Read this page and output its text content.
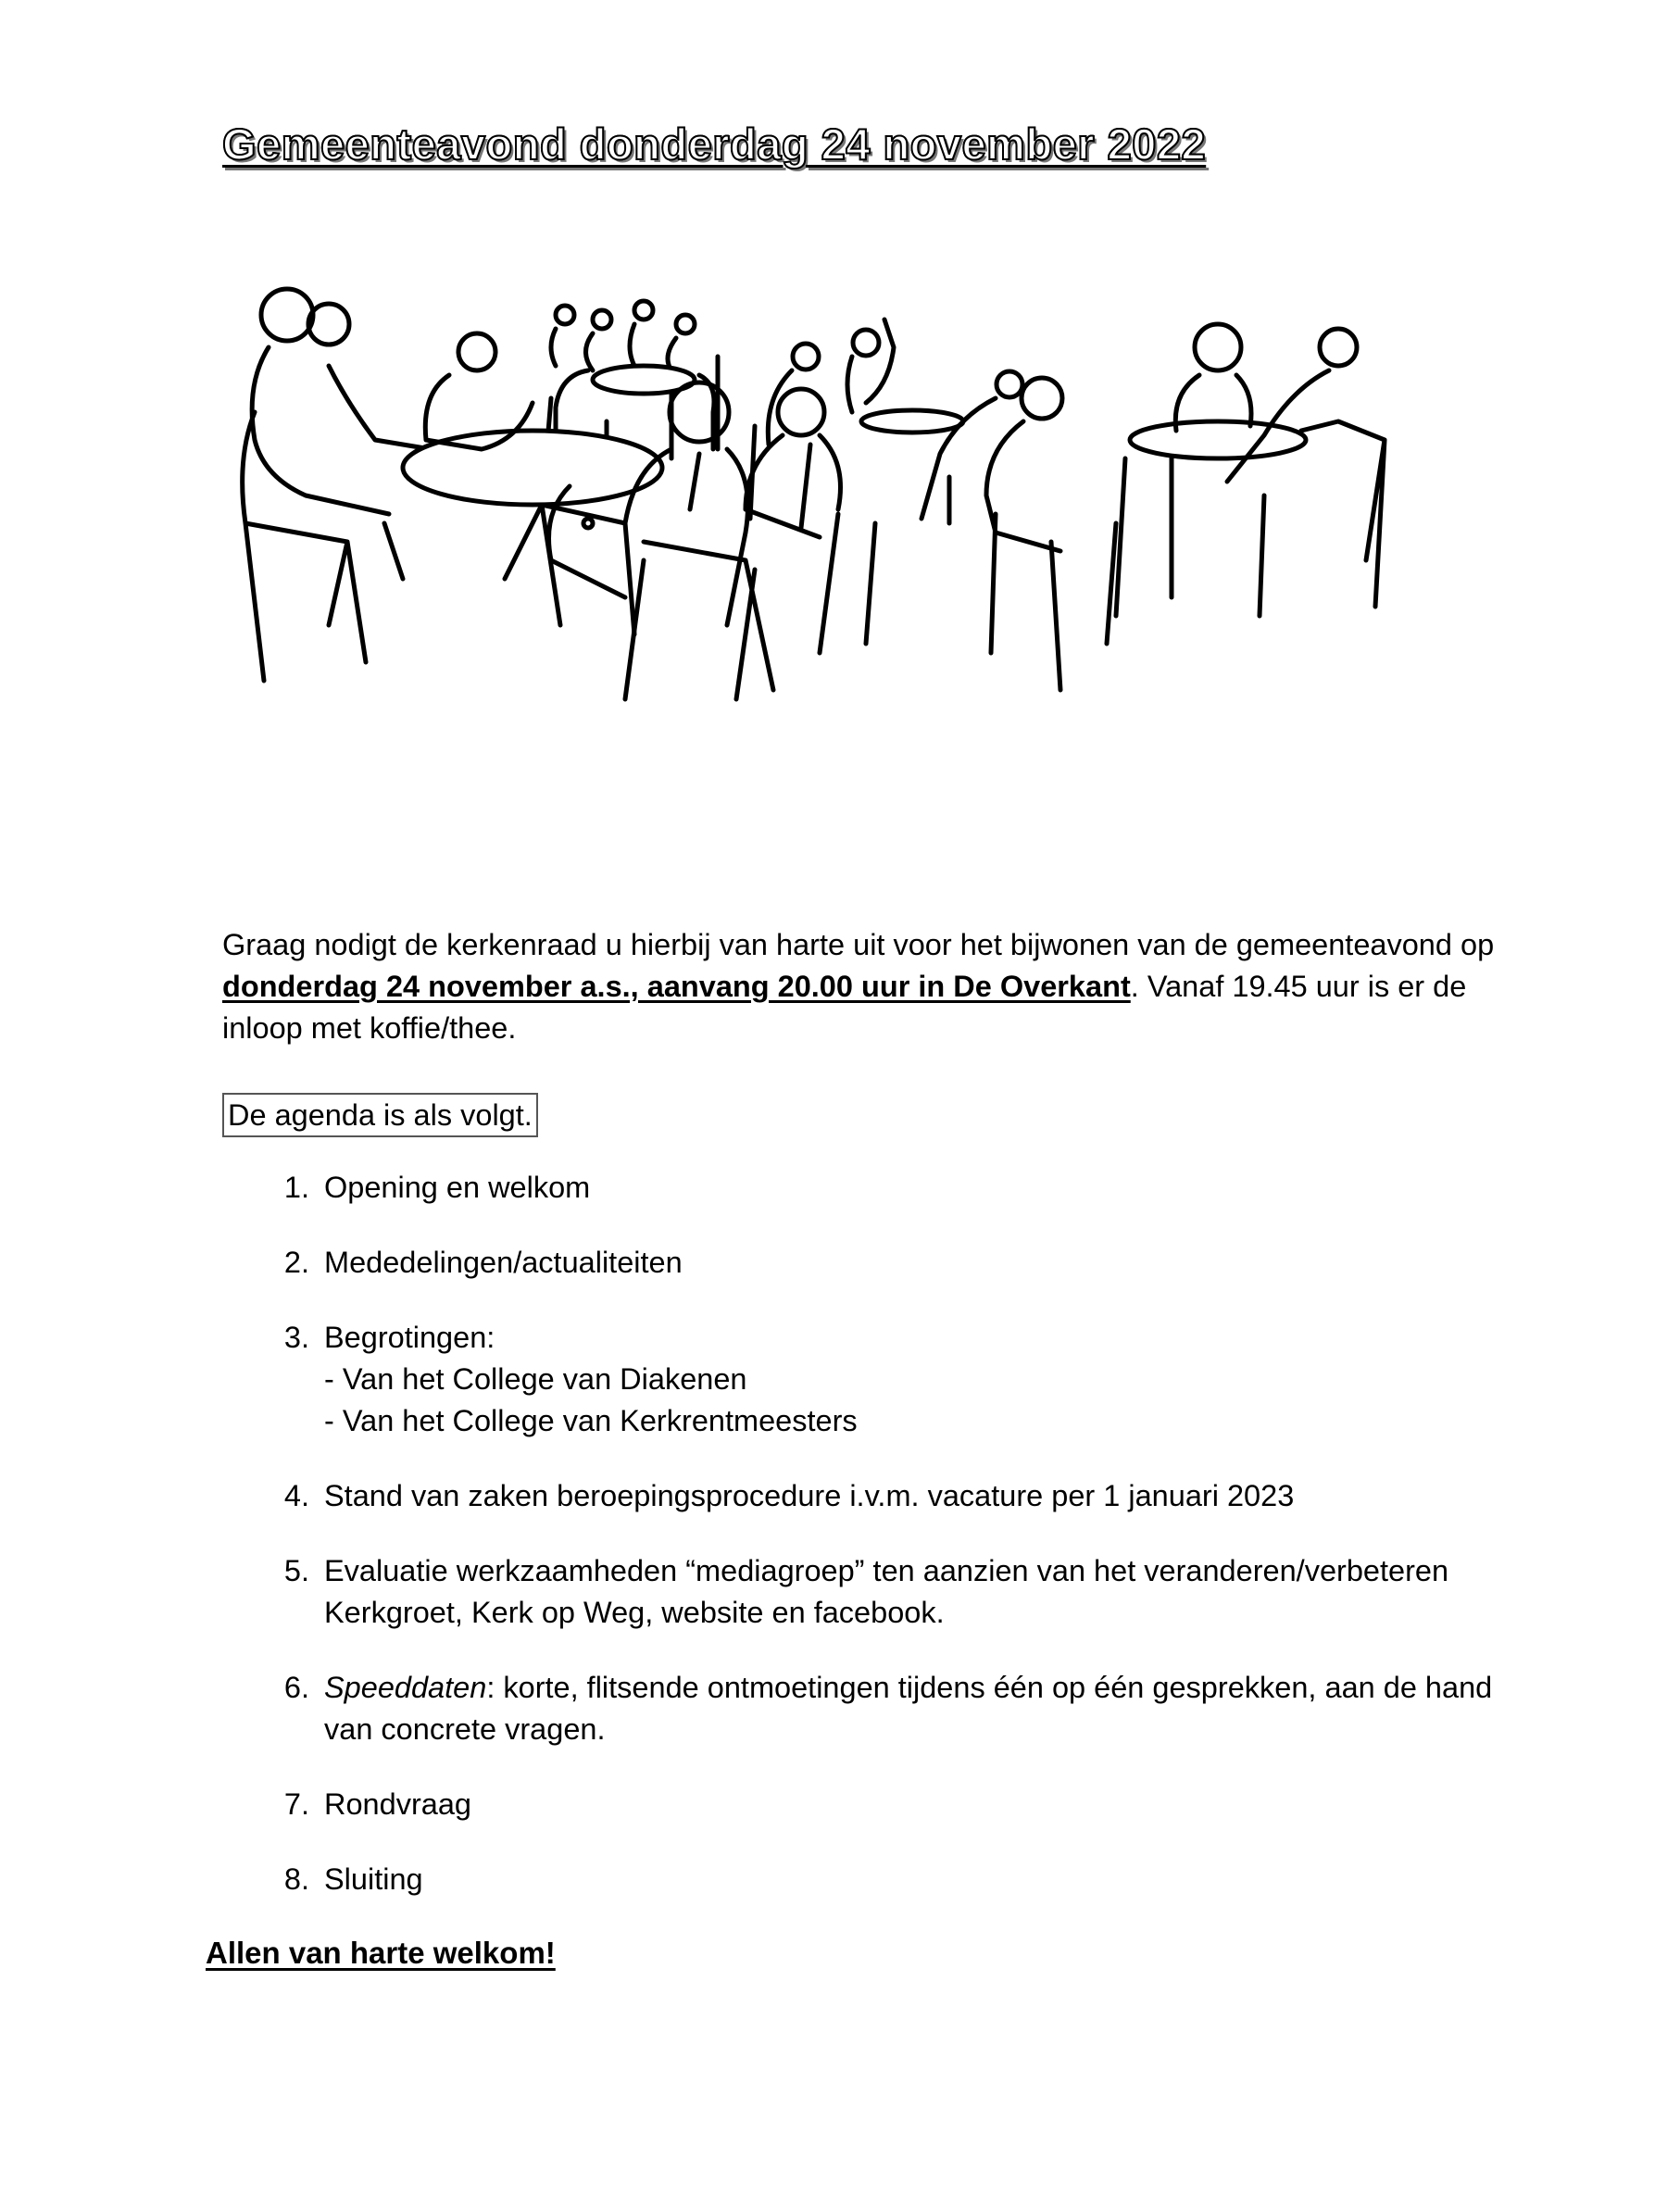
Gemeenteavond donderdag 24 november 2022

Graag nodigt de kerkenraad u hierbij van harte uit voor het bijwonen van de gemeenteavond op donderdag 24 november a.s., aanvang 20.00 uur in De Overkant. Vanaf 19.45 uur is er de inloop met koffie/thee.

De agenda is als volgt.
1. Opening en welkom
2. Mededelingen/actualiteiten
3. Begrotingen:
- Van het College van Diakenen
- Van het College van Kerkrentmeesters
4. Stand van zaken beroepingsprocedure i.v.m. vacature per 1 januari 2023
5. Evaluatie werkzaamheden “mediagroep” ten aanzien van het veranderen/verbeteren Kerkgroet, Kerk op Weg, website en facebook.
6. Speeddaten: korte, flitsende ontmoetingen tijdens één op één gesprekken, aan de hand van concrete vragen.
7. Rondvraag
8. Sluiting

Allen van harte welkom!
